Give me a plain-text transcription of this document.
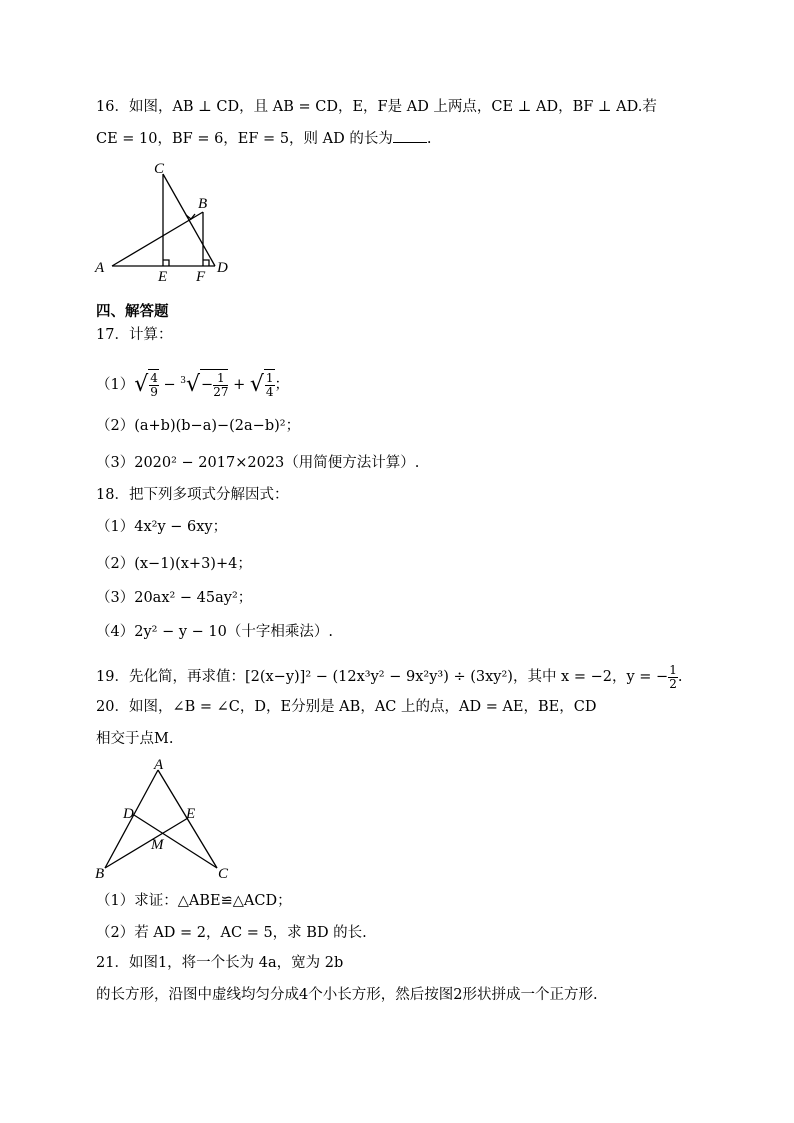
16．如图，AB ⊥ CD，且 AB = CD，E，F是 AD 上两点，CE ⊥ AD，BF ⊥ AD.若
CE = 10，BF = 6，EF = 5，则 AD 的长为 .
C
B
A
E F
D
四、解答题
17．计算：
$(1)√ \frac{4}{9} - ^3√- \frac{1}{27}$ + √ $\frac{1}{4}$ ；
（2）(a+b)(b−a)−(2a−b)²；
（3）2020² − 2017×2023（用简便方法计算）.
18．把下列多项式分解因式：
（1）4x²y − 6xy；
（2）(x−1)(x+3)+4；
（3）20ax² − 45ay²；
（4）2y² − y − 10（十字相乘法）.
19．先化简，再求值：[2(x−y)]² − (12x³y² − 9x²y³) ÷ (3xy²)，其中 x = −2，y = − $\frac{1}{2}$ .
20．如图，∠B = ∠C，D，E分别是 AB，AC 上的点，AD = AE，BE，CD
相交于点M.
A
D	E
M
B	C
（1）求证：△ABE≌△ACD；
（2）若 AD = 2，AC = 5，求 BD 的长.
21．如图1，将一个长为 4a，宽为 2b
的长方形，沿图中虚线均匀分成4个小长方形，然后按图2形状拼成一个正方形.
